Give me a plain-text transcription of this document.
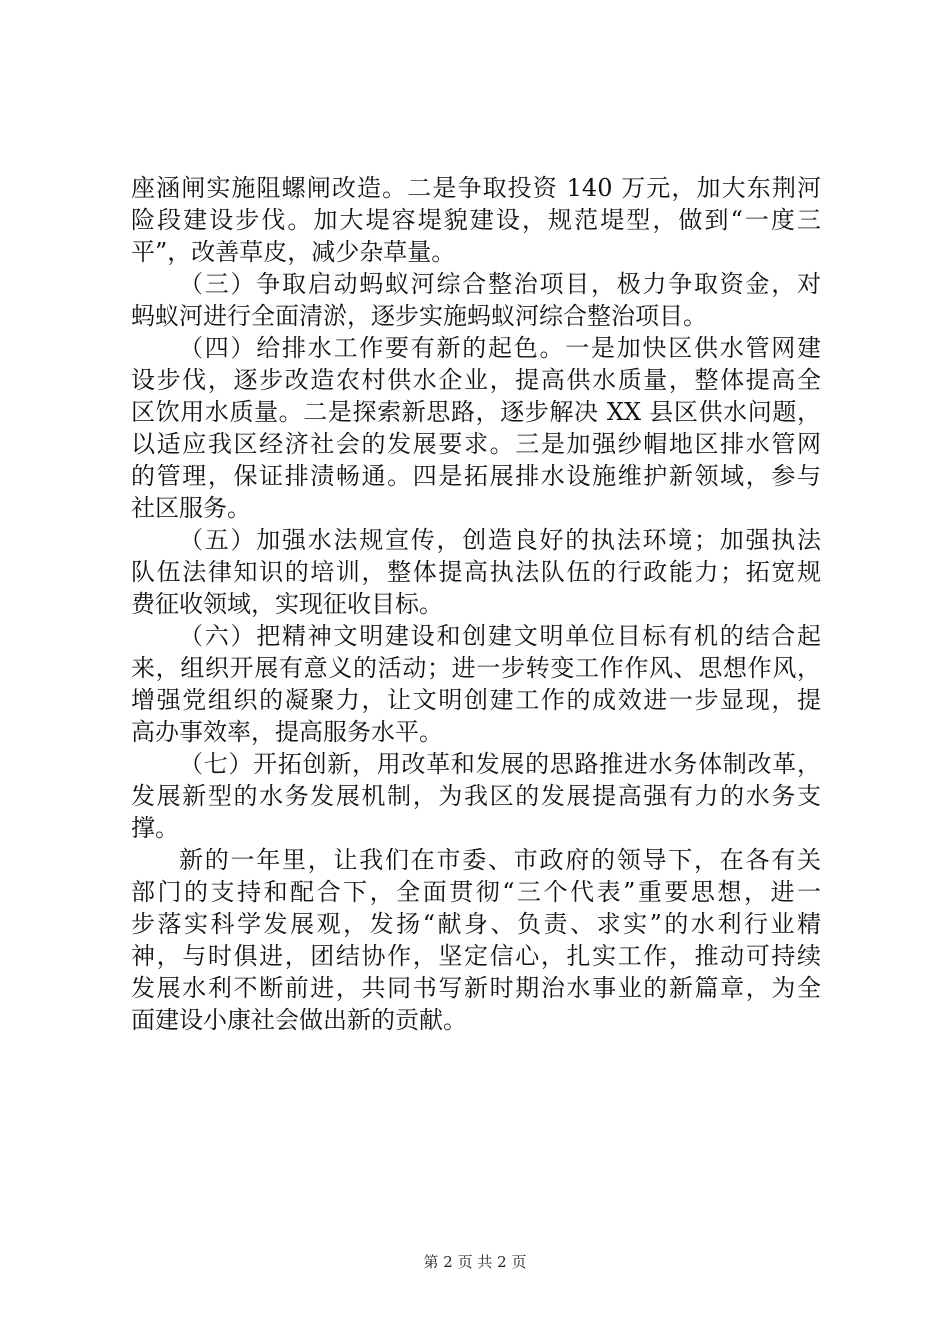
座涵闸实施阻螺闸改造。二是争取投资 140 万元，加大东荆河
险段建设步伐。加大堤容堤貌建设，规范堤型，做到“一度三
平”，改善草皮，减少杂草量。

（三）争取启动蚂蚁河综合整治项目，极力争取资金，对
蚂蚁河进行全面清淤，逐步实施蚂蚁河综合整治项目。

（四）给排水工作要有新的起色。一是加快区供水管网建
设步伐，逐步改造农村供水企业，提高供水质量，整体提高全
区饮用水质量。二是探索新思路，逐步解决 XX 县区供水问题，
以适应我区经济社会的发展要求。三是加强纱帽地区排水管网
的管理，保证排渍畅通。四是拓展排水设施维护新领域，参与
社区服务。

（五）加强水法规宣传，创造良好的执法环境；加强执法
队伍法律知识的培训，整体提高执法队伍的行政能力；拓宽规
费征收领域，实现征收目标。

（六）把精神文明建设和创建文明单位目标有机的结合起
来，组织开展有意义的活动；进一步转变工作作风、思想作风，
增强党组织的凝聚力，让文明创建工作的成效进一步显现，提
高办事效率，提高服务水平。

（七）开拓创新，用改革和发展的思路推进水务体制改革，
发展新型的水务发展机制，为我区的发展提高强有力的水务支
撑。

新的一年里，让我们在市委、市政府的领导下，在各有关
部门的支持和配合下，全面贯彻“三个代表”重要思想，进一
步落实科学发展观，发扬“献身、负责、求实”的水利行业精
神，与时俱进，团结协作，坚定信心，扎实工作，推动可持续
发展水利不断前进，共同书写新时期治水事业的新篇章，为全
面建设小康社会做出新的贡献。

第 2 页 共 2 页
